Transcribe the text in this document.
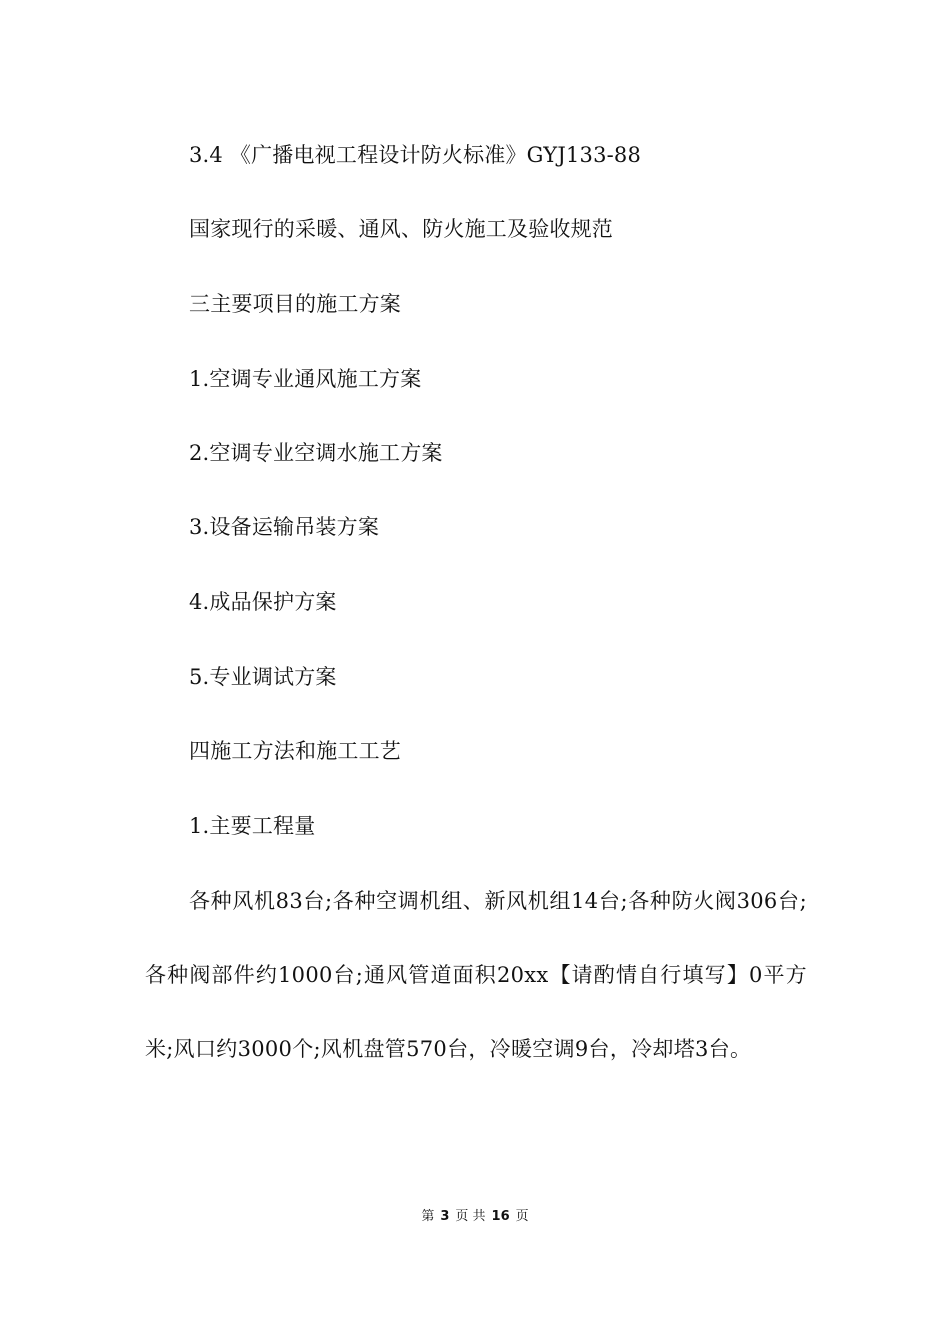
3.4 《广播电视工程设计防火标准》GYJ133-88
国家现行的采暖、通风、防火施工及验收规范
三主要项目的施工方案
1.空调专业通风施工方案
2.空调专业空调水施工方案
3.设备运输吊装方案
4.成品保护方案
5.专业调试方案
四施工方法和施工工艺
1.主要工程量
各种风机83台;各种空调机组、新风机组14台;各种防火阀306台;各种阀部件约1000台;通风管道面积20xx【请酌情自行填写】0平方米;风口约3000个;风机盘管570台，冷暖空调9台，冷却塔3台。
第 3 页 共 16 页
